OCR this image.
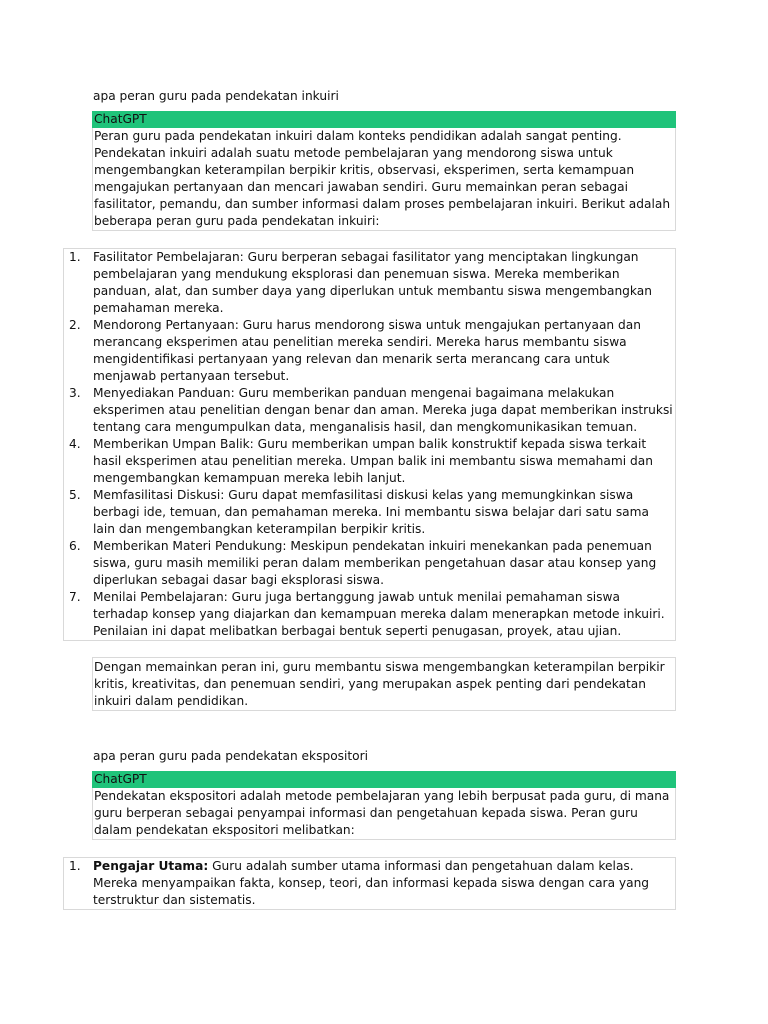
apa peran guru pada pendekatan inkuiri

ChatGPT

Peran guru pada pendekatan inkuiri dalam konteks pendidikan adalah sangat penting. Pendekatan inkuiri adalah suatu metode pembelajaran yang mendorong siswa untuk mengembangkan keterampilan berpikir kritis, observasi, eksperimen, serta kemampuan mengajukan pertanyaan dan mencari jawaban sendiri. Guru memainkan peran sebagai fasilitator, pemandu, dan sumber informasi dalam proses pembelajaran inkuiri. Berikut adalah beberapa peran guru pada pendekatan inkuiri:

1. Fasilitator Pembelajaran: Guru berperan sebagai fasilitator yang menciptakan lingkungan pembelajaran yang mendukung eksplorasi dan penemuan siswa. Mereka memberikan panduan, alat, dan sumber daya yang diperlukan untuk membantu siswa mengembangkan pemahaman mereka.
2. Mendorong Pertanyaan: Guru harus mendorong siswa untuk mengajukan pertanyaan dan merancang eksperimen atau penelitian mereka sendiri. Mereka harus membantu siswa mengidentifikasi pertanyaan yang relevan dan menarik serta merancang cara untuk menjawab pertanyaan tersebut.
3. Menyediakan Panduan: Guru memberikan panduan mengenai bagaimana melakukan eksperimen atau penelitian dengan benar dan aman. Mereka juga dapat memberikan instruksi tentang cara mengumpulkan data, menganalisis hasil, dan mengkomunikasikan temuan.
4. Memberikan Umpan Balik: Guru memberikan umpan balik konstruktif kepada siswa terkait hasil eksperimen atau penelitian mereka. Umpan balik ini membantu siswa memahami dan mengembangkan kemampuan mereka lebih lanjut.
5. Memfasilitasi Diskusi: Guru dapat memfasilitasi diskusi kelas yang memungkinkan siswa berbagi ide, temuan, dan pemahaman mereka. Ini membantu siswa belajar dari satu sama lain dan mengembangkan keterampilan berpikir kritis.
6. Memberikan Materi Pendukung: Meskipun pendekatan inkuiri menekankan pada penemuan siswa, guru masih memiliki peran dalam memberikan pengetahuan dasar atau konsep yang diperlukan sebagai dasar bagi eksplorasi siswa.
7. Menilai Pembelajaran: Guru juga bertanggung jawab untuk menilai pemahaman siswa terhadap konsep yang diajarkan dan kemampuan mereka dalam menerapkan metode inkuiri. Penilaian ini dapat melibatkan berbagai bentuk seperti penugasan, proyek, atau ujian.

Dengan memainkan peran ini, guru membantu siswa mengembangkan keterampilan berpikir kritis, kreativitas, dan penemuan sendiri, yang merupakan aspek penting dari pendekatan inkuiri dalam pendidikan.

apa peran guru pada pendekatan ekspositori

ChatGPT

Pendekatan ekspositori adalah metode pembelajaran yang lebih berpusat pada guru, di mana guru berperan sebagai penyampai informasi dan pengetahuan kepada siswa. Peran guru dalam pendekatan ekspositori melibatkan:

1. Pengajar Utama: Guru adalah sumber utama informasi dan pengetahuan dalam kelas. Mereka menyampaikan fakta, konsep, teori, dan informasi kepada siswa dengan cara yang terstruktur dan sistematis.
